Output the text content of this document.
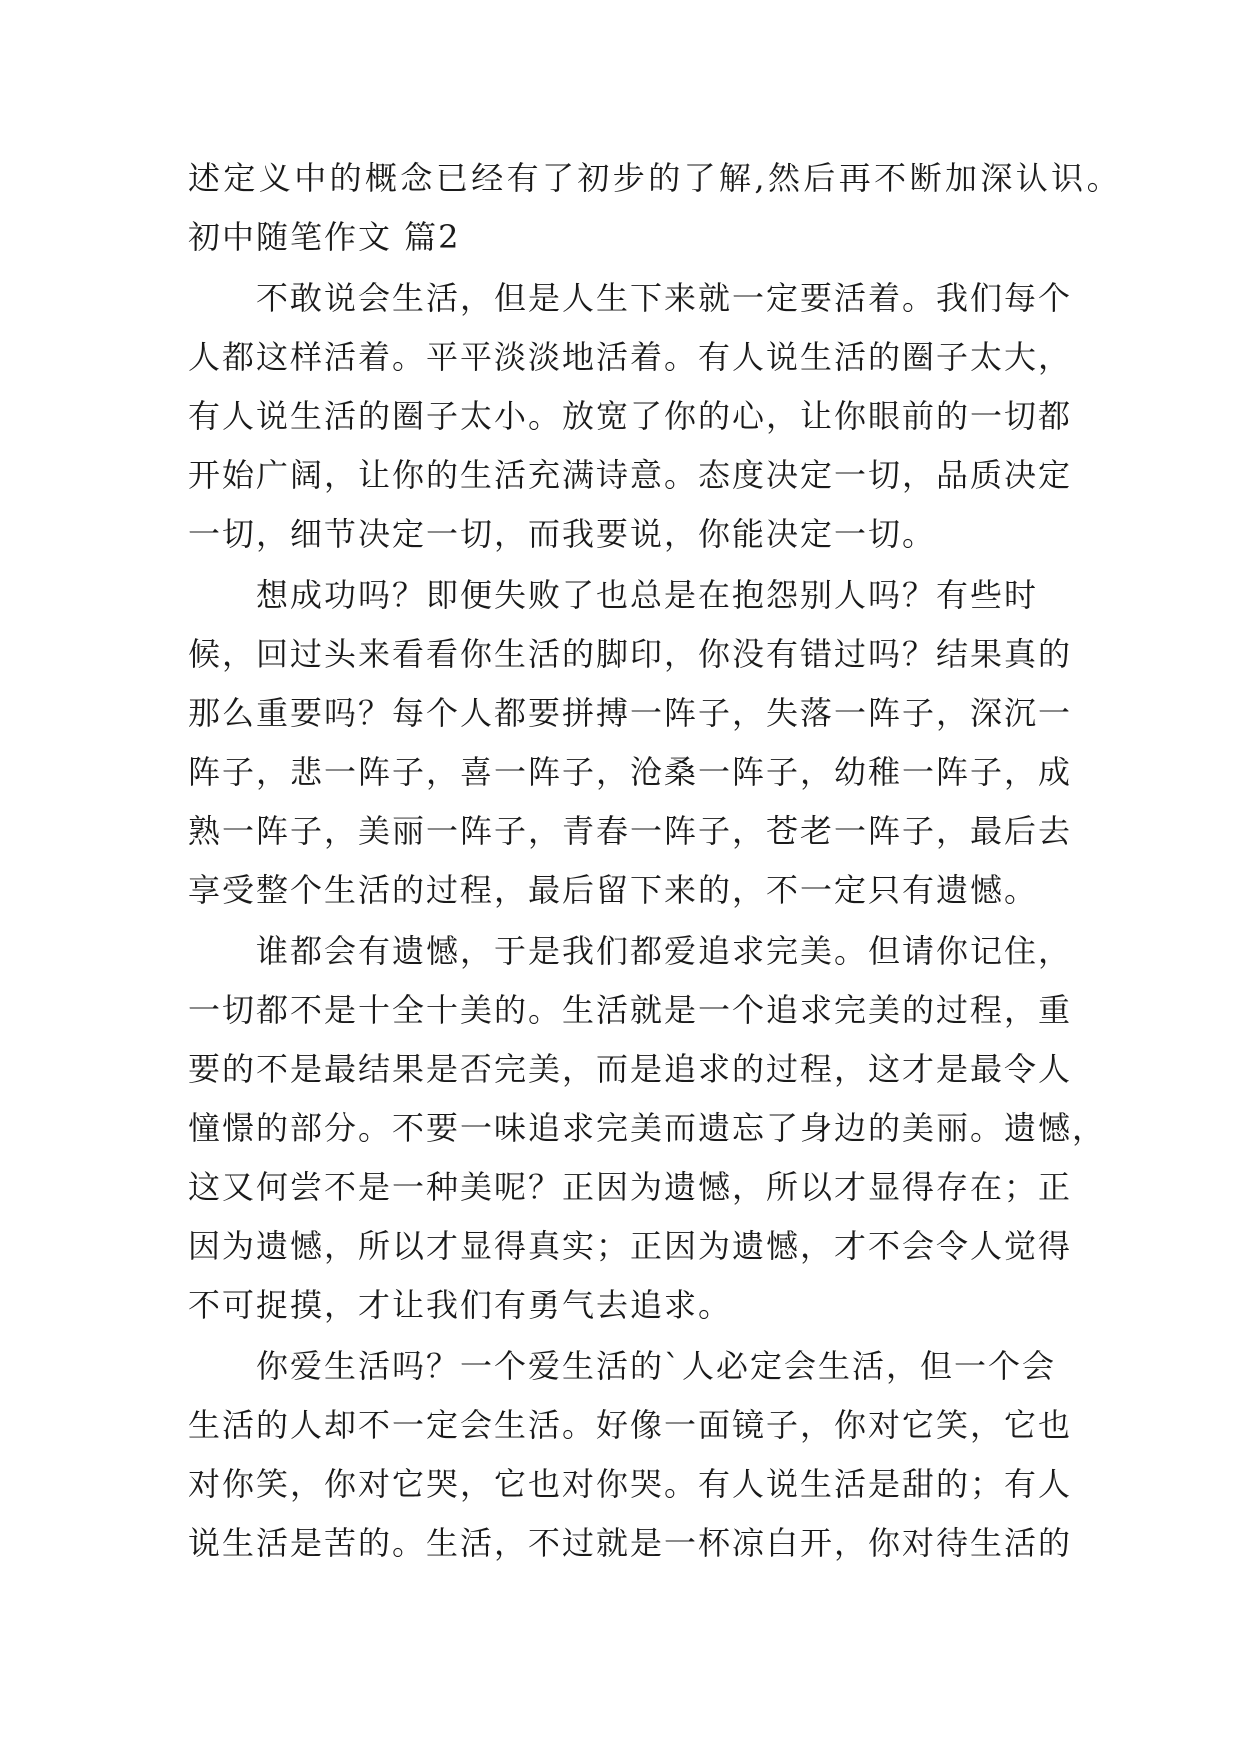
述定义中的概念已经有了初步的了解,然后再不断加深认识。
初中随笔作文 篇2
不敢说会生活，但是人生下来就一定要活着。我们每个
人都这样活着。平平淡淡地活着。有人说生活的圈子太大，
有人说生活的圈子太小。放宽了你的心，让你眼前的一切都
开始广阔，让你的生活充满诗意。态度决定一切，品质决定
一切，细节决定一切，而我要说，你能决定一切。
想成功吗？即便失败了也总是在抱怨别人吗？有些时
候，回过头来看看你生活的脚印，你没有错过吗？结果真的
那么重要吗？每个人都要拼搏一阵子，失落一阵子，深沉一
阵子，悲一阵子，喜一阵子，沧桑一阵子，幼稚一阵子，成
熟一阵子，美丽一阵子，青春一阵子，苍老一阵子，最后去
享受整个生活的过程，最后留下来的，不一定只有遗憾。
谁都会有遗憾，于是我们都爱追求完美。但请你记住，
一切都不是十全十美的。生活就是一个追求完美的过程，重
要的不是最结果是否完美，而是追求的过程，这才是最令人
憧憬的部分。不要一味追求完美而遗忘了身边的美丽。遗憾，
这又何尝不是一种美呢？正因为遗憾，所以才显得存在；正
因为遗憾，所以才显得真实；正因为遗憾，才不会令人觉得
不可捉摸，才让我们有勇气去追求。
你爱生活吗？一个爱生活的`人必定会生活，但一个会
生活的人却不一定会生活。好像一面镜子，你对它笑，它也
对你笑，你对它哭，它也对你哭。有人说生活是甜的；有人
说生活是苦的。生活，不过就是一杯凉白开，你对待生活的
